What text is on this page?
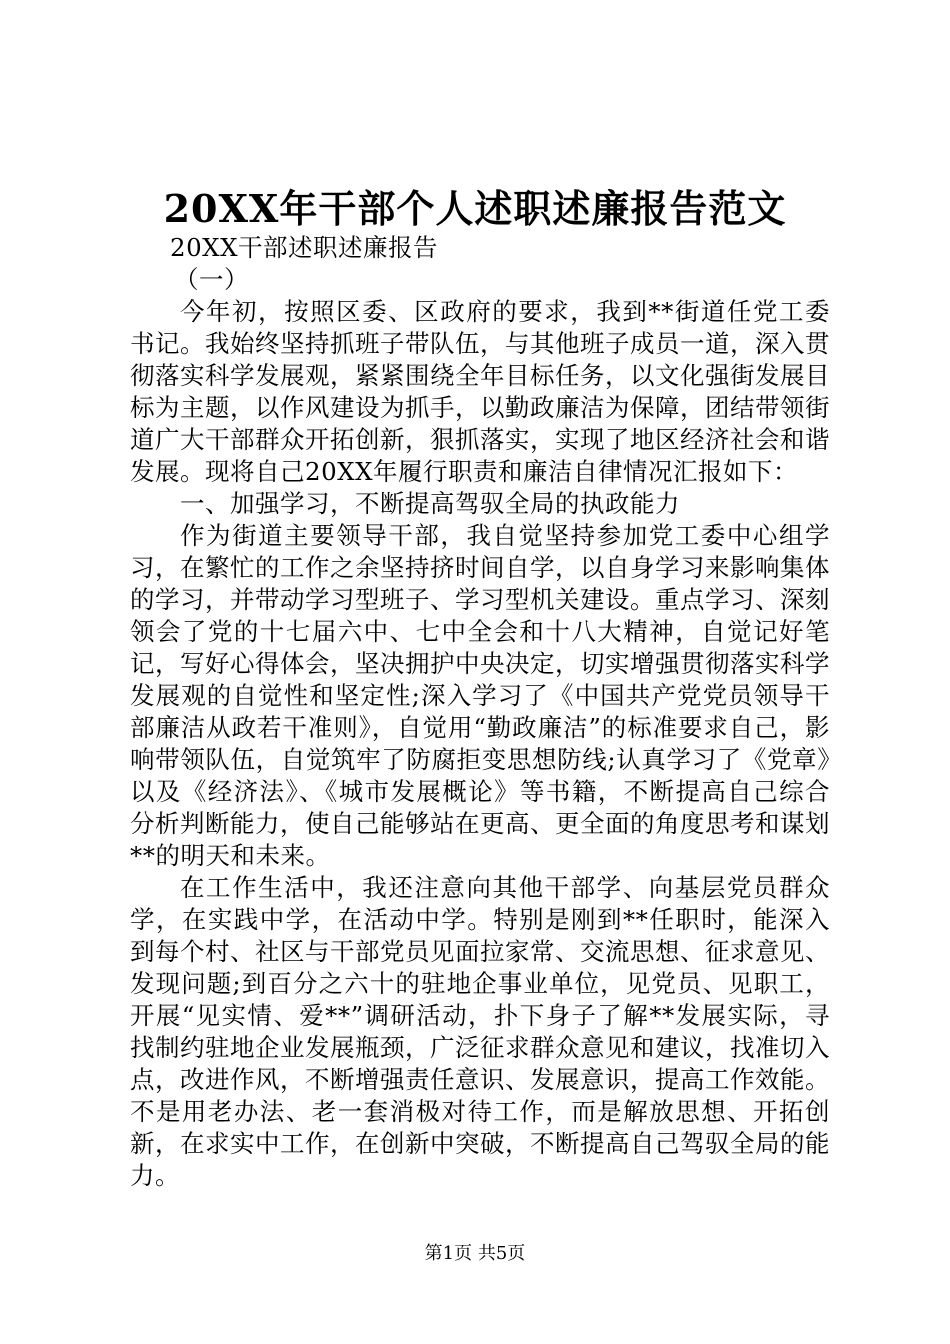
20XX年干部个人述职述廉报告范文

20XX干部述职述廉报告

（一）

今年初，按照区委、区政府的要求，我到**街道任党工委书记。我始终坚持抓班子带队伍，与其他班子成员一道，深入贯彻落实科学发展观，紧紧围绕全年目标任务，以文化强街发展目标为主题，以作风建设为抓手，以勤政廉洁为保障，团结带领街道广大干部群众开拓创新，狠抓落实，实现了地区经济社会和谐发展。现将自己20XX年履行职责和廉洁自律情况汇报如下：

一、加强学习，不断提高驾驭全局的执政能力

作为街道主要领导干部，我自觉坚持参加党工委中心组学习，在繁忙的工作之余坚持挤时间自学，以自身学习来影响集体的学习，并带动学习型班子、学习型机关建设。重点学习、深刻领会了党的十七届六中、七中全会和十八大精神，自觉记好笔记，写好心得体会，坚决拥护中央决定，切实增强贯彻落实科学发展观的自觉性和坚定性;深入学习了《中国共产党党员领导干部廉洁从政若干准则》，自觉用“勤政廉洁”的标准要求自己，影响带领队伍，自觉筑牢了防腐拒变思想防线;认真学习了《党章》以及《经济法》、《城市发展概论》等书籍，不断提高自己综合分析判断能力，使自己能够站在更高、更全面的角度思考和谋划**的明天和未来。

在工作生活中，我还注意向其他干部学、向基层党员群众学，在实践中学，在活动中学。特别是刚到**任职时，能深入到每个村、社区与干部党员见面拉家常、交流思想、征求意见、发现问题;到百分之六十的驻地企事业单位，见党员、见职工，开展“见实情、爱**”调研活动，扑下身子了解**发展实际，寻找制约驻地企业发展瓶颈，广泛征求群众意见和建议，找准切入点，改进作风，不断增强责任意识、发展意识，提高工作效能。不是用老办法、老一套消极对待工作，而是解放思想、开拓创新，在求实中工作，在创新中突破，不断提高自己驾驭全局的能力。

第1页 共5页
